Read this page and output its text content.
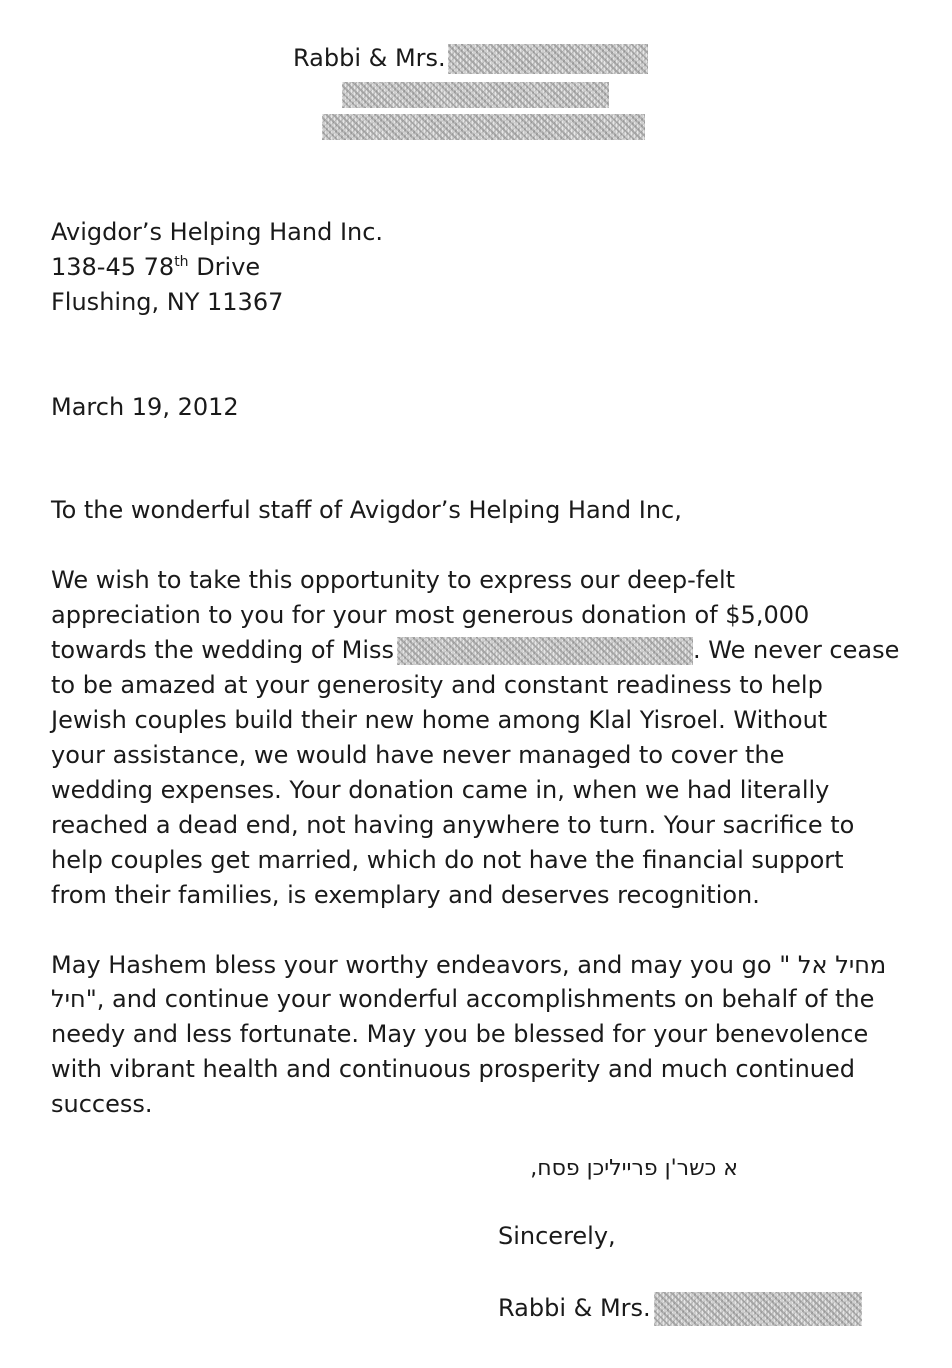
Rabbi & Mrs.
Avigdor’s Helping Hand Inc.
138-45 78th Drive
Flushing, NY 11367
March 19, 2012
To the wonderful staff of Avigdor’s Helping Hand Inc,
We wish to take this opportunity to express our deep-felt
appreciation to you for your most generous donation of $5,000
towards the wedding of Miss	. We never cease
to be amazed at your generosity and constant readiness to help
Jewish couples build their new home among Klal Yisroel. Without
your assistance, we would have never managed to cover the
wedding expenses. Your donation came in, when we had literally
reached a dead end, not having anywhere to turn. Your sacrifice to
help couples get married, which do not have the financial support
from their families, is exemplary and deserves recognition.
May Hashem bless your worthy endeavors, and may you go " מחיל אל
חיל", and continue your wonderful accomplishments on behalf of the
needy and less fortunate. May you be blessed for your benevolence
with vibrant health and continuous prosperity and much continued
success.
א כשר'ן פרייליכן פסח,
Sincerely,
Rabbi & Mrs.
